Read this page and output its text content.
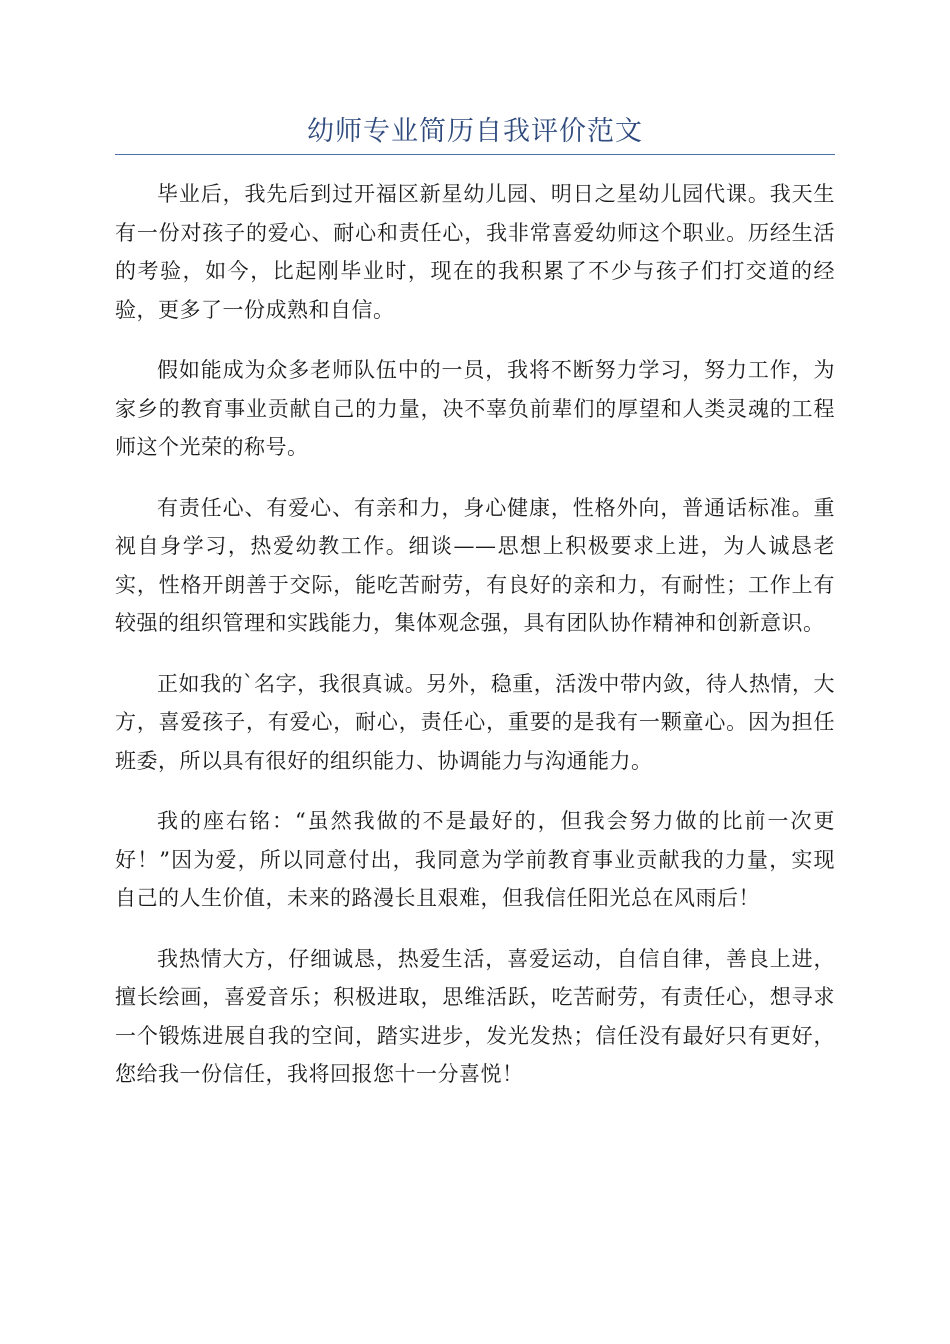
幼师专业简历自我评价范文

毕业后，我先后到过开福区新星幼儿园、明日之星幼儿园代课。我天生有一份对孩子的爱心、耐心和责任心，我非常喜爱幼师这个职业。历经生活的考验，如今，比起刚毕业时，现在的我积累了不少与孩子们打交道的经验，更多了一份成熟和自信。

假如能成为众多老师队伍中的一员，我将不断努力学习，努力工作，为家乡的教育事业贡献自己的力量，决不辜负前辈们的厚望和人类灵魂的工程师这个光荣的称号。

有责任心、有爱心、有亲和力，身心健康，性格外向，普通话标准。重视自身学习，热爱幼教工作。细谈——思想上积极要求上进，为人诚恳老实，性格开朗善于交际，能吃苦耐劳，有良好的亲和力，有耐性；工作上有较强的组织管理和实践能力，集体观念强，具有团队协作精神和创新意识。

正如我的`名字，我很真诚。另外，稳重，活泼中带内敛，待人热情，大方，喜爱孩子，有爱心，耐心，责任心，重要的是我有一颗童心。因为担任班委，所以具有很好的组织能力、协调能力与沟通能力。

我的座右铭：“虽然我做的不是最好的，但我会努力做的比前一次更好！”因为爱，所以同意付出，我同意为学前教育事业贡献我的力量，实现自己的人生价值，未来的路漫长且艰难，但我信任阳光总在风雨后！

我热情大方，仔细诚恳，热爱生活，喜爱运动，自信自律，善良上进，擅长绘画，喜爱音乐；积极进取，思维活跃，吃苦耐劳，有责任心，想寻求一个锻炼进展自我的空间，踏实进步，发光发热；信任没有最好只有更好，您给我一份信任，我将回报您十一分喜悦！
